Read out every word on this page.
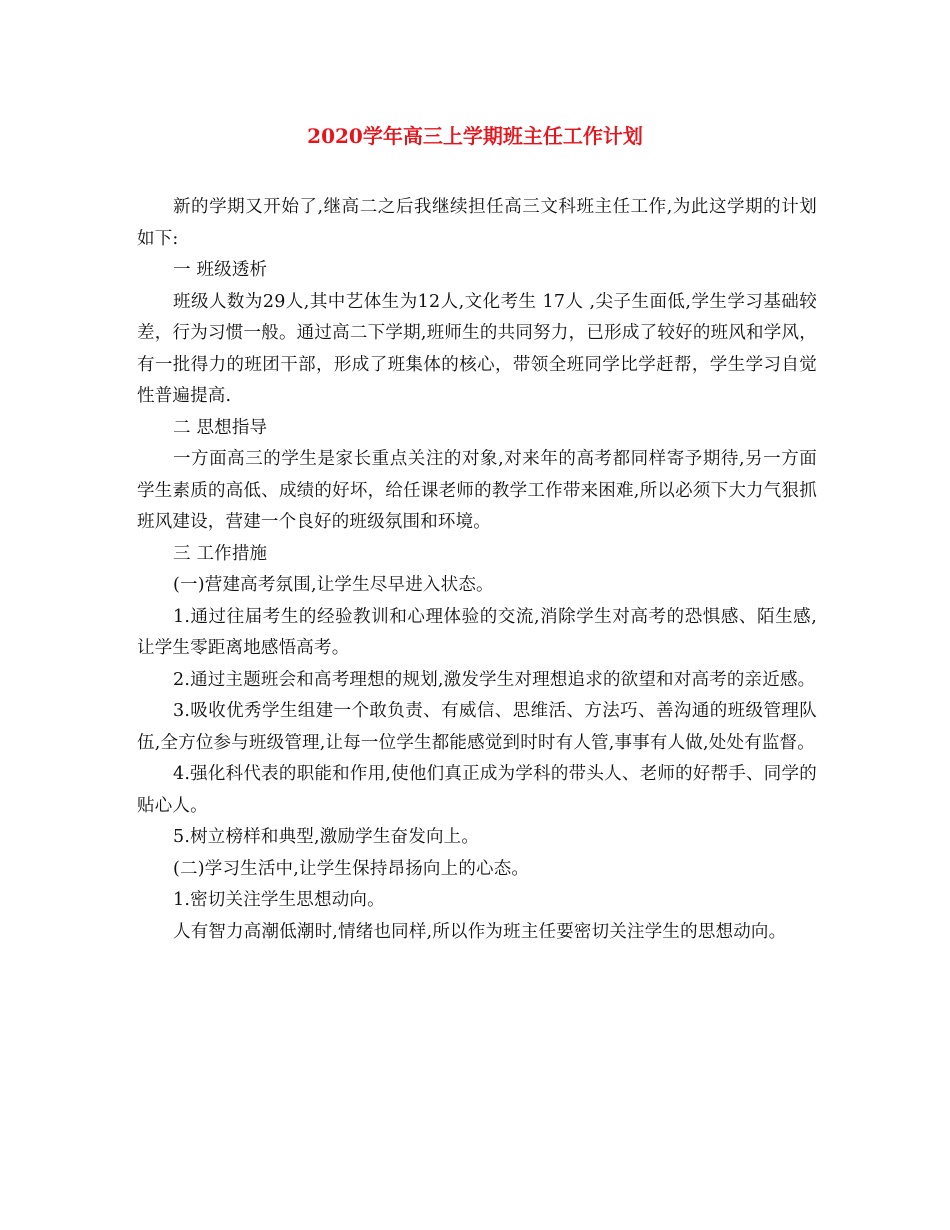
2020学年高三上学期班主任工作计划

新的学期又开始了,继高二之后我继续担任高三文科班主任工作,为此这学期的计划如下:

一 班级透析

班级人数为29人,其中艺体生为12人,文化考生 17人 ,尖子生面低,学生学习基础较差，行为习惯一般。通过高二下学期,班师生的共同努力，已形成了较好的班风和学风，有一批得力的班团干部，形成了班集体的核心，带领全班同学比学赶帮，学生学习自觉性普遍提高.

二 思想指导

一方面高三的学生是家长重点关注的对象,对来年的高考都同样寄予期待,另一方面学生素质的高低、成绩的好坏，给任课老师的教学工作带来困难,所以必须下大力气狠抓班风建设，营建一个良好的班级氛围和环境。

三 工作措施

(一)营建高考氛围,让学生尽早进入状态。

1.通过往届考生的经验教训和心理体验的交流,消除学生对高考的恐惧感、陌生感,让学生零距离地感悟高考。

2.通过主题班会和高考理想的规划,激发学生对理想追求的欲望和对高考的亲近感。

3.吸收优秀学生组建一个敢负责、有威信、思维活、方法巧、善沟通的班级管理队伍,全方位参与班级管理,让每一位学生都能感觉到时时有人管,事事有人做,处处有监督。

4.强化科代表的职能和作用,使他们真正成为学科的带头人、老师的好帮手、同学的贴心人。

5.树立榜样和典型,激励学生奋发向上。

(二)学习生活中,让学生保持昂扬向上的心态。

1.密切关注学生思想动向。

人有智力高潮低潮时,情绪也同样,所以作为班主任要密切关注学生的思想动向。
